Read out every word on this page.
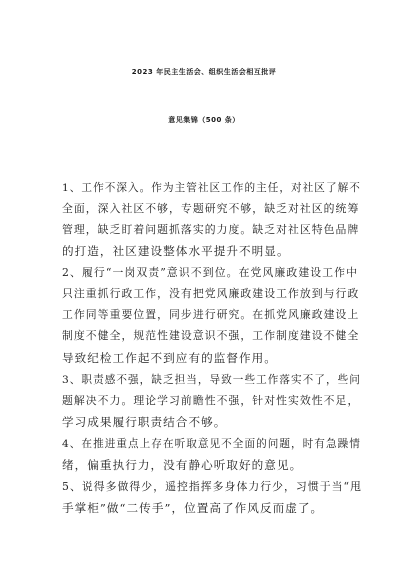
2023 年民主生活会、组织生活会相互批评
意见集锦（500 条）
1、工作不深入。作为主管社区工作的主任，对社区了解不
全面，深入社区不够，专题研究不够，缺乏对社区的统筹
管理，缺乏盯着问题抓落实的力度。缺乏对社区特色品牌
的打造，社区建设整体水平提升不明显。
2、履行“一岗双责”意识不到位。在党风廉政建设工作中
只注重抓行政工作，没有把党风廉政建设工作放到与行政
工作同等重要位置，同步进行研究。在抓党风廉政建设上
制度不健全，规范性建设意识不强，工作制度建设不健全
导致纪检工作起不到应有的监督作用。
3、职责感不强，缺乏担当，导致一些工作落实不了，些问
题解决不力。理论学习前瞻性不强，针对性实效性不足，
学习成果履行职责结合不够。
4、在推进重点上存在听取意见不全面的问题，时有急躁情
绪，偏重执行力，没有静心听取好的意见。
5、说得多做得少，遥控指挥多身体力行少，习惯于当“甩
手掌柜”做“二传手”，位置高了作风反而虚了。
